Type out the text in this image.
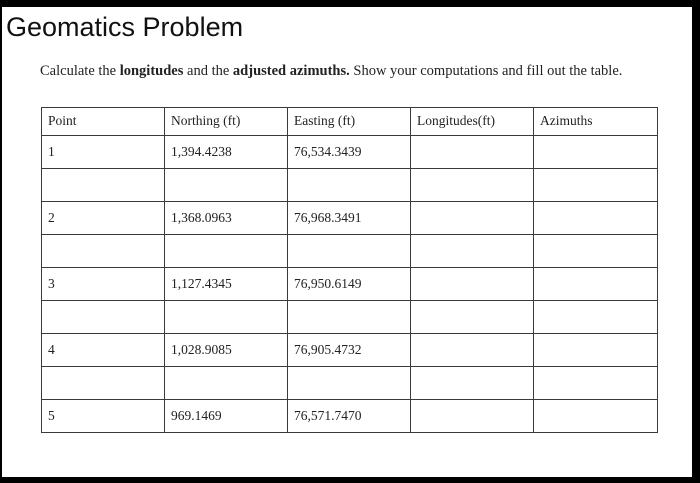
Geomatics Problem
Calculate the longitudes and the adjusted azimuths. Show your computations and fill out the table.
Point	Northing (ft)	Easting (ft)	Longitudes(ft)	Azimuths
1	1,394.4238	76,534.3439		

2	1,368.0963	76,968.3491		

3	1,127.4345	76,950.6149		

4	1,028.9085	76,905.4732		

5	969.1469	76,571.7470		
